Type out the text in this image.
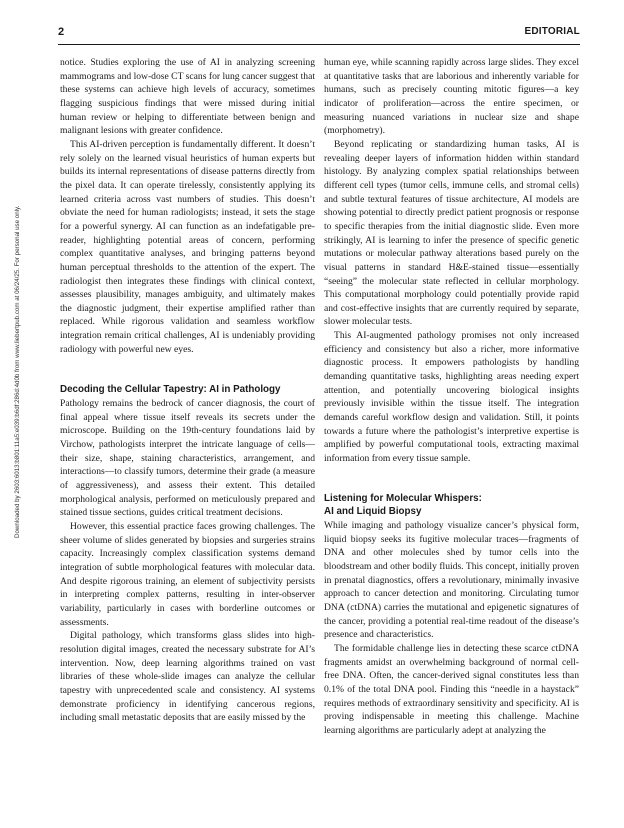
2	EDITORIAL
Downloaded by 2603:6013:b801:11a5:e039:b6df:286d:4d0b from www.liebertpub.com at 06/24/25. For personal use only.

notice. Studies exploring the use of AI in analyzing screening mammograms and low-dose CT scans for lung cancer suggest that these systems can achieve high levels of accuracy, sometimes flagging suspicious findings that were missed during initial human review or helping to differentiate between benign and malignant lesions with greater confidence.

This AI-driven perception is fundamentally different. It doesn’t rely solely on the learned visual heuristics of human experts but builds its internal representations of disease patterns directly from the pixel data. It can operate tirelessly, consistently applying its learned criteria across vast numbers of studies. This doesn’t obviate the need for human radiologists; instead, it sets the stage for a powerful synergy. AI can function as an indefatigable pre-reader, highlighting potential areas of concern, performing complex quantitative analyses, and bringing patterns beyond human perceptual thresholds to the attention of the expert. The radiologist then integrates these findings with clinical context, assesses plausibility, manages ambiguity, and ultimately makes the diagnostic judgment, their expertise amplified rather than replaced. While rigorous validation and seamless workflow integration remain critical challenges, AI is undeniably providing radiology with powerful new eyes.

Decoding the Cellular Tapestry: AI in Pathology

Pathology remains the bedrock of cancer diagnosis, the court of final appeal where tissue itself reveals its secrets under the microscope. Building on the 19th-century foundations laid by Virchow, pathologists interpret the intricate language of cells—their size, shape, staining characteristics, arrangement, and interactions—to classify tumors, determine their grade (a measure of aggressiveness), and assess their extent. This detailed morphological analysis, performed on meticulously prepared and stained tissue sections, guides critical treatment decisions.

However, this essential practice faces growing challenges. The sheer volume of slides generated by biopsies and surgeries strains capacity. Increasingly complex classification systems demand integration of subtle morphological features with molecular data. And despite rigorous training, an element of subjectivity persists in interpreting complex patterns, resulting in inter-observer variability, particularly in cases with borderline outcomes or assessments.

Digital pathology, which transforms glass slides into high-resolution digital images, created the necessary substrate for AI’s intervention. Now, deep learning algorithms trained on vast libraries of these whole-slide images can analyze the cellular tapestry with unprecedented scale and consistency. AI systems demonstrate proficiency in identifying cancerous regions, including small metastatic deposits that are easily missed by the

human eye, while scanning rapidly across large slides. They excel at quantitative tasks that are laborious and inherently variable for humans, such as precisely counting mitotic figures—a key indicator of proliferation—across the entire specimen, or measuring nuanced variations in nuclear size and shape (morphometry).

Beyond replicating or standardizing human tasks, AI is revealing deeper layers of information hidden within standard histology. By analyzing complex spatial relationships between different cell types (tumor cells, immune cells, and stromal cells) and subtle textural features of tissue architecture, AI models are showing potential to directly predict patient prognosis or response to specific therapies from the initial diagnostic slide. Even more strikingly, AI is learning to infer the presence of specific genetic mutations or molecular pathway alterations based purely on the visual patterns in standard H&E-stained tissue—essentially “seeing” the molecular state reflected in cellular morphology. This computational morphology could potentially provide rapid and cost-effective insights that are currently required by separate, slower molecular tests.

This AI-augmented pathology promises not only increased efficiency and consistency but also a richer, more informative diagnostic process. It empowers pathologists by handling demanding quantitative tasks, highlighting areas needing expert attention, and potentially uncovering biological insights previously invisible within the tissue itself. The integration demands careful workflow design and validation. Still, it points towards a future where the pathologist’s interpretive expertise is amplified by powerful computational tools, extracting maximal information from every tissue sample.

Listening for Molecular Whispers:
AI and Liquid Biopsy

While imaging and pathology visualize cancer’s physical form, liquid biopsy seeks its fugitive molecular traces—fragments of DNA and other molecules shed by tumor cells into the bloodstream and other bodily fluids. This concept, initially proven in prenatal diagnostics, offers a revolutionary, minimally invasive approach to cancer detection and monitoring. Circulating tumor DNA (ctDNA) carries the mutational and epigenetic signatures of the cancer, providing a potential real-time readout of the disease’s presence and characteristics.

The formidable challenge lies in detecting these scarce ctDNA fragments amidst an overwhelming background of normal cell-free DNA. Often, the cancer-derived signal constitutes less than 0.1% of the total DNA pool. Finding this “needle in a haystack” requires methods of extraordinary sensitivity and specificity. AI is proving indispensable in meeting this challenge. Machine learning algorithms are particularly adept at analyzing the
